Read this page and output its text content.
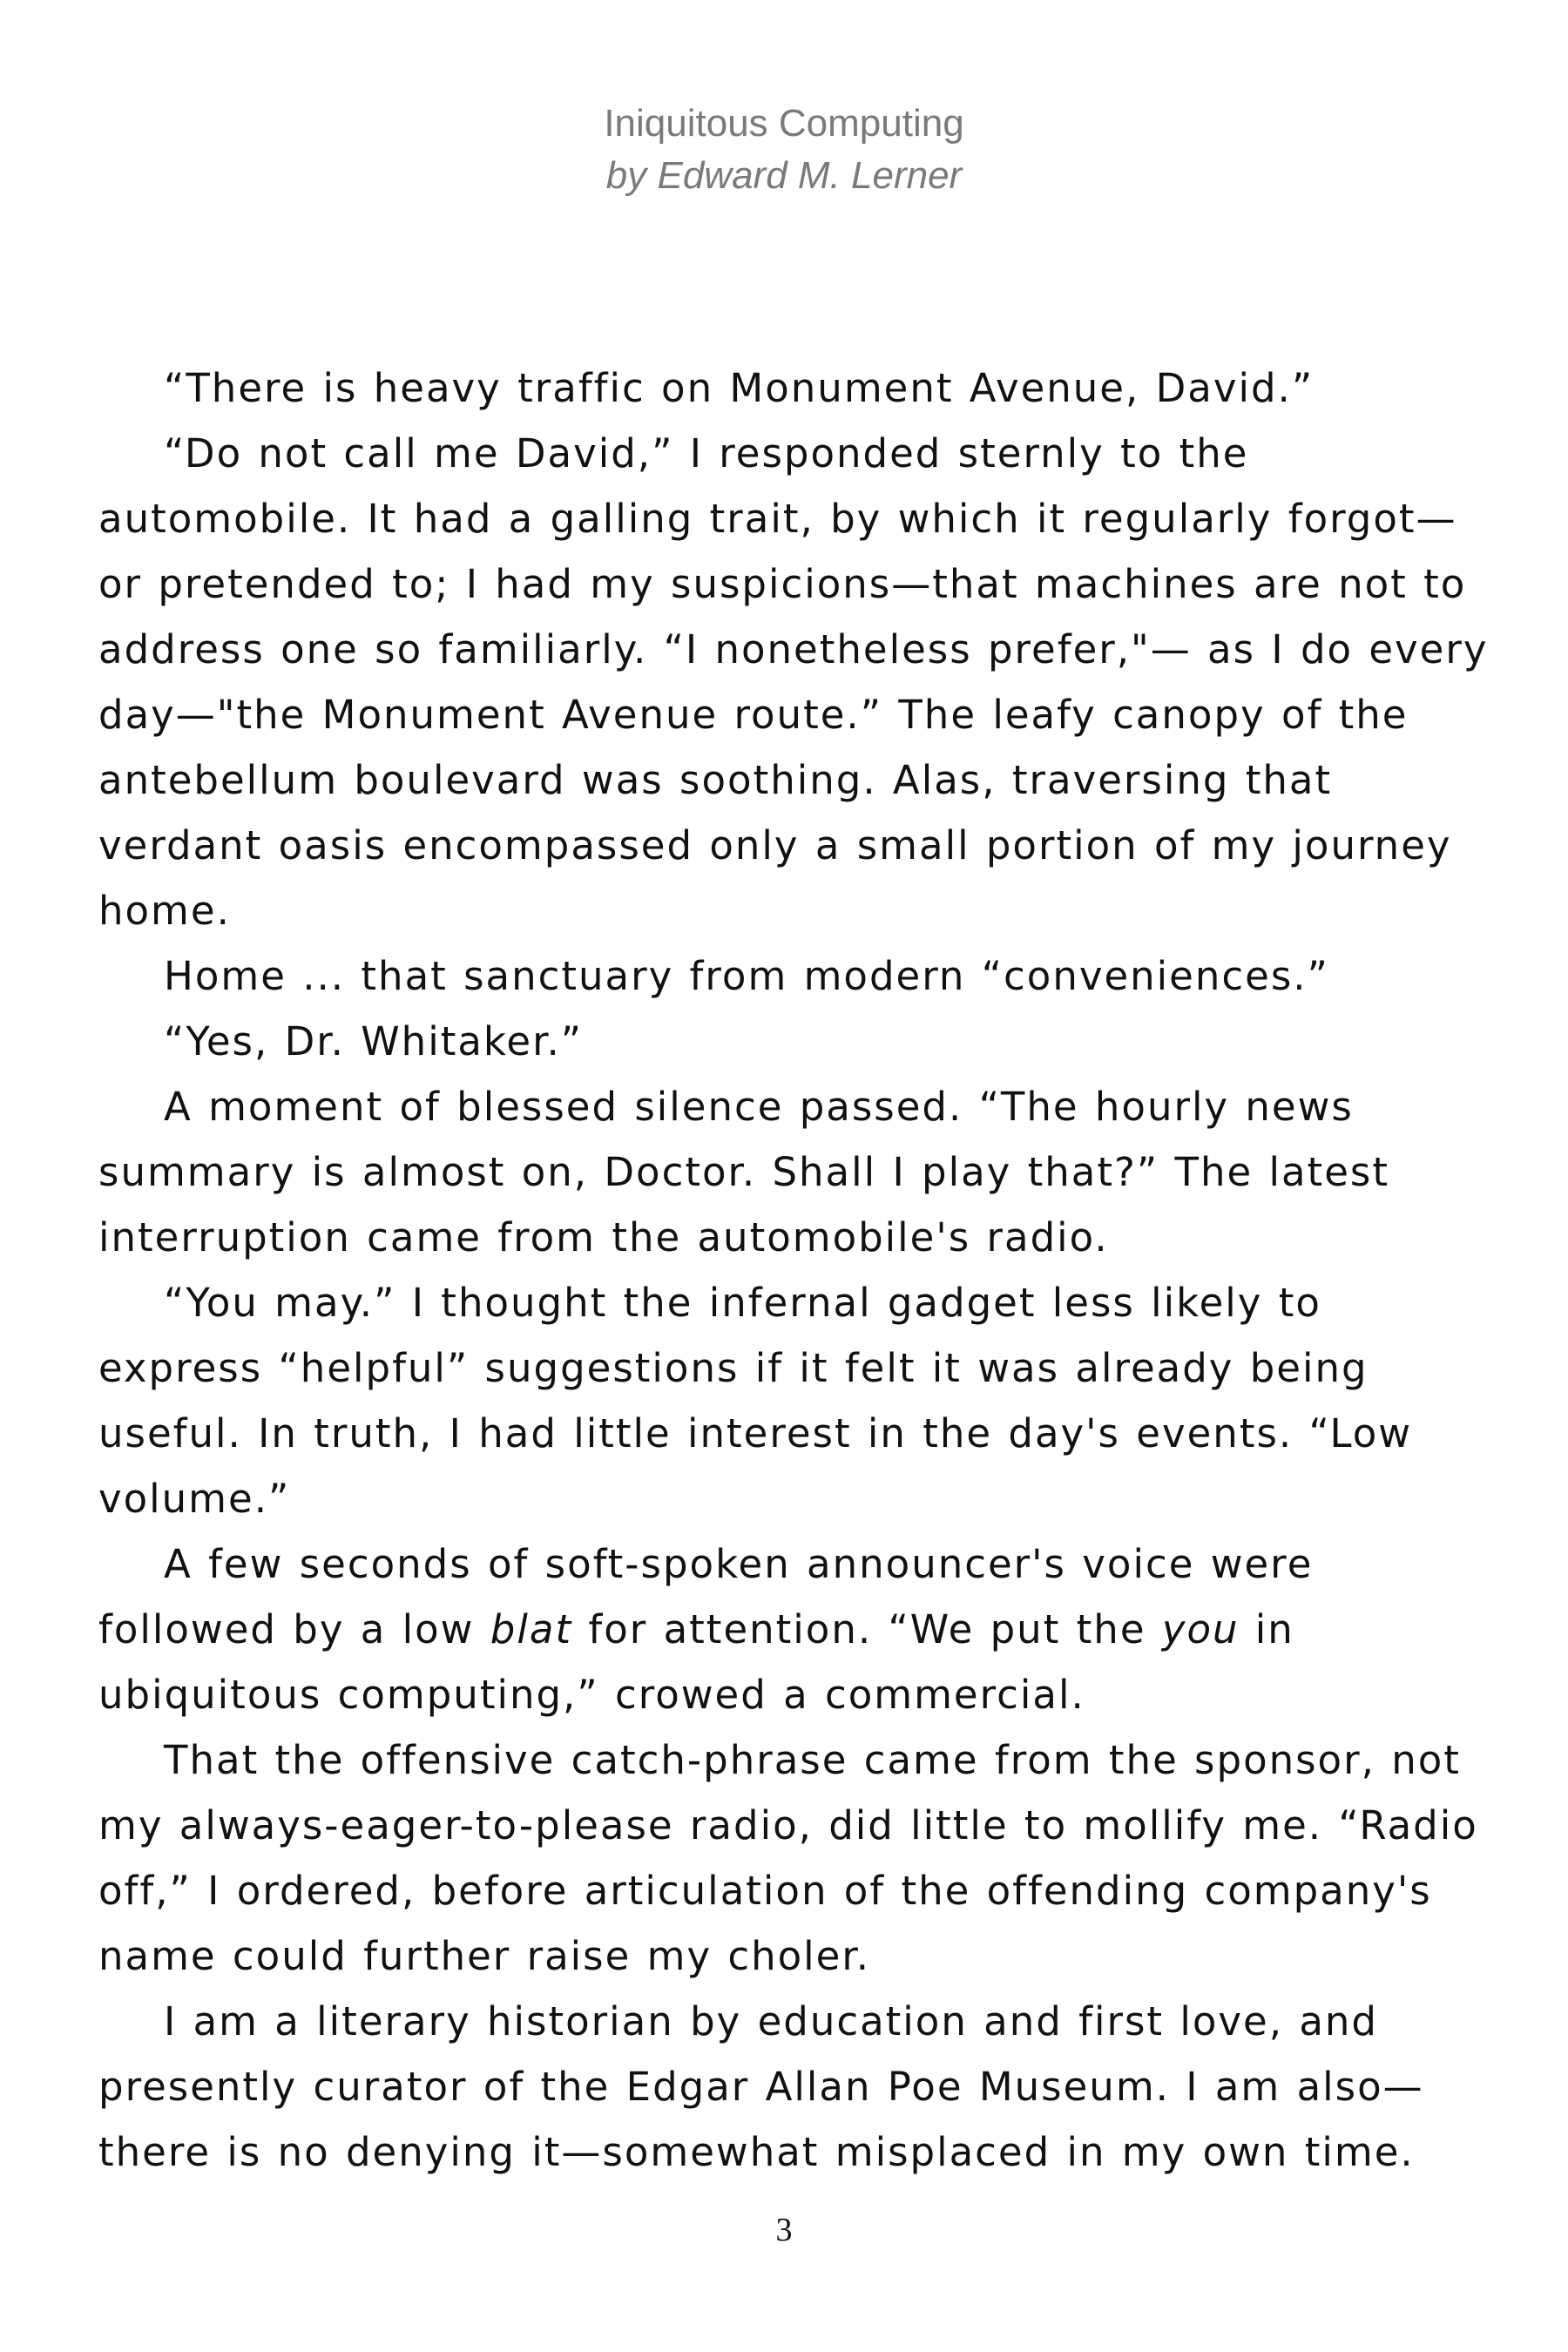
Iniquitous Computing
by Edward M. Lerner

“There is heavy traffic on Monument Avenue, David.”

“Do not call me David,” I responded sternly to the automobile. It had a galling trait, by which it regularly forgot—or pretended to; I had my suspicions—that machines are not to address one so familiarly. “I nonetheless prefer,"— as I do every day—"the Monument Avenue route.” The leafy canopy of the antebellum boulevard was soothing. Alas, traversing that verdant oasis encompassed only a small portion of my journey home.

Home ... that sanctuary from modern “conveniences.”

“Yes, Dr. Whitaker.”

A moment of blessed silence passed. “The hourly news summary is almost on, Doctor. Shall I play that?” The latest interruption came from the automobile's radio.

“You may.” I thought the infernal gadget less likely to express “helpful” suggestions if it felt it was already being useful. In truth, I had little interest in the day's events. “Low volume.”

A few seconds of soft-spoken announcer's voice were followed by a low blat for attention. “We put the you in ubiquitous computing,” crowed a commercial.

That the offensive catch-phrase came from the sponsor, not my always-eager-to-please radio, did little to mollify me. “Radio off,” I ordered, before articulation of the offending company's name could further raise my choler.

I am a literary historian by education and first love, and presently curator of the Edgar Allan Poe Museum. I am also—there is no denying it—somewhat misplaced in my own time.

3
